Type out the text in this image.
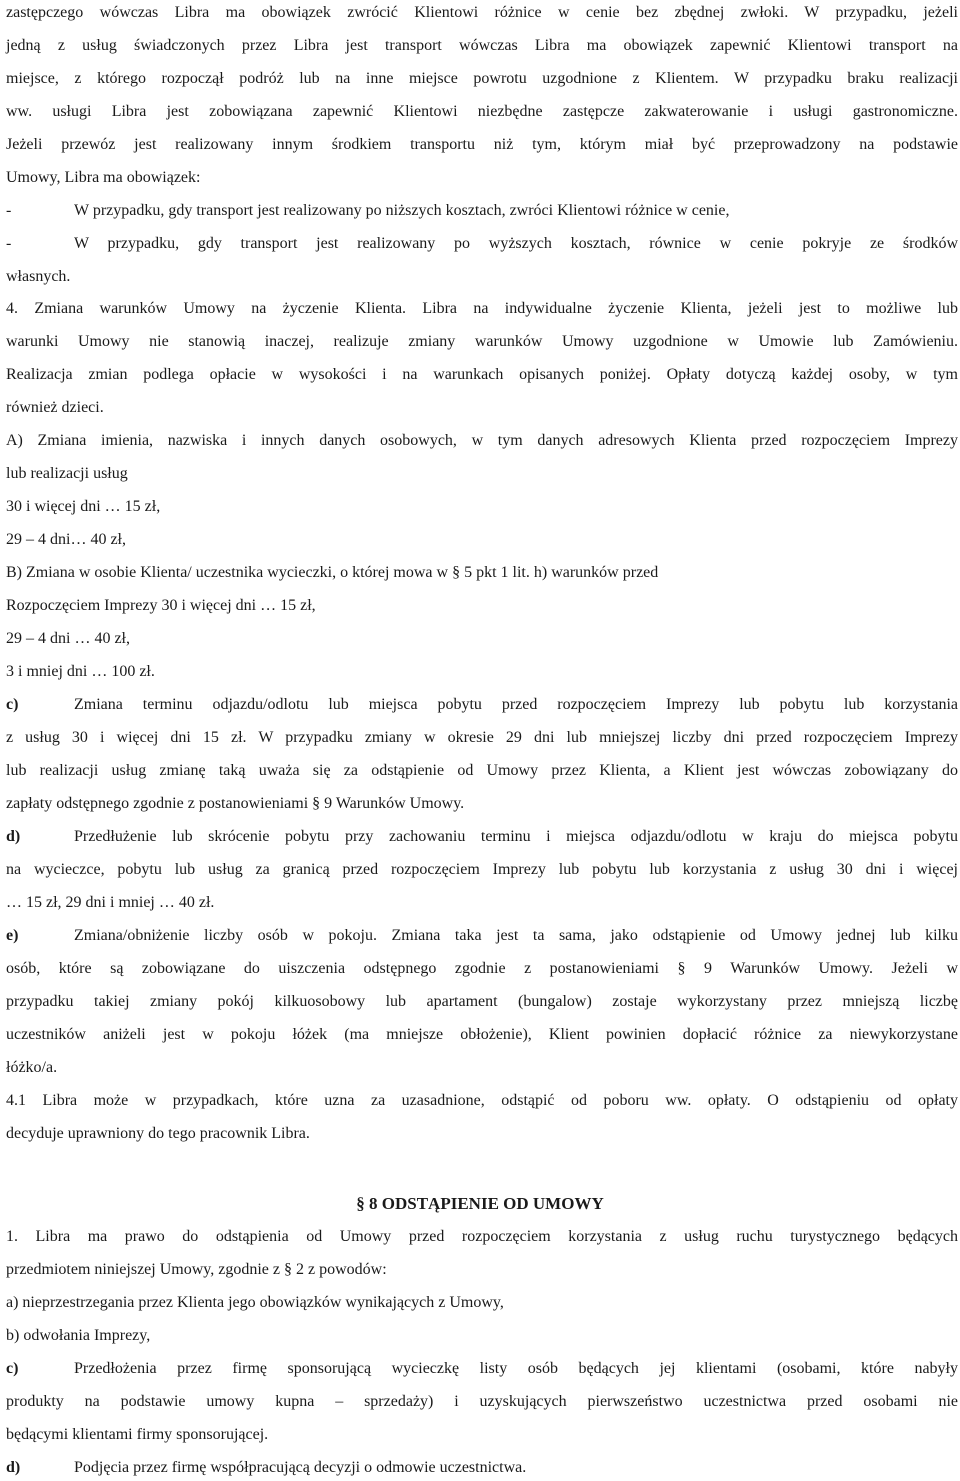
zastępczego wówczas Libra ma obowiązek zwrócić Klientowi różnice w cenie bez zbędnej zwłoki. W przypadku, jeżeli
jedną z usług świadczonych przez Libra jest transport wówczas Libra ma obowiązek zapewnić Klientowi transport na
miejsce, z którego rozpoczął podróż lub na inne miejsce powrotu uzgodnione z Klientem. W przypadku braku realizacji
ww. usługi Libra jest zobowiązana zapewnić Klientowi niezbędne zastępcze zakwaterowanie i usługi gastronomiczne.
Jeżeli przewóz jest realizowany innym środkiem transportu niż tym, którym miał być przeprowadzony na podstawie
Umowy, Libra ma obowiązek:
-	W przypadku, gdy transport jest realizowany po niższych kosztach, zwróci Klientowi różnice w cenie,
-	W przypadku, gdy transport jest realizowany po wyższych kosztach, równice w cenie pokryje ze środków
własnych.
4. Zmiana warunków Umowy na życzenie Klienta. Libra na indywidualne życzenie Klienta, jeżeli jest to możliwe lub
warunki Umowy nie stanowią inaczej, realizuje zmiany warunków Umowy uzgodnione w Umowie lub Zamówieniu.
Realizacja zmian podlega opłacie w wysokości i na warunkach opisanych poniżej. Opłaty dotyczą każdej osoby, w tym
również dzieci.
A) Zmiana imienia, nazwiska i innych danych osobowych, w tym danych adresowych Klienta przed rozpoczęciem Imprezy
lub realizacji usług
30 i więcej dni … 15 zł,
29 – 4 dni… 40 zł,
B) Zmiana w osobie Klienta/ uczestnika wycieczki, o której mowa w § 5 pkt 1 lit. h) warunków przed
Rozpoczęciem Imprezy 30 i więcej dni … 15 zł,
29 – 4 dni … 40 zł,
3 i mniej dni … 100 zł.
c)	Zmiana terminu odjazdu/odlotu lub miejsca pobytu przed rozpoczęciem Imprezy lub pobytu lub korzystania
z usług 30 i więcej dni 15 zł. W przypadku zmiany w okresie 29 dni lub mniejszej liczby dni przed rozpoczęciem Imprezy
lub realizacji usług zmianę taką uważa się za odstąpienie od Umowy przez Klienta, a Klient jest wówczas zobowiązany do
zapłaty odstępnego zgodnie z postanowieniami § 9 Warunków Umowy.
d)	Przedłużenie lub skrócenie pobytu przy zachowaniu terminu i miejsca odjazdu/odlotu w kraju do miejsca pobytu
na wycieczce, pobytu lub usług za granicą przed rozpoczęciem Imprezy lub pobytu lub korzystania z usług 30 dni i więcej
… 15 zł, 29 dni i mniej … 40 zł.
e)	Zmiana/obniżenie liczby osób w pokoju. Zmiana taka jest ta sama, jako odstąpienie od Umowy jednej lub kilku
osób, które są zobowiązane do uiszczenia odstępnego zgodnie z postanowieniami § 9 Warunków Umowy. Jeżeli w
przypadku takiej zmiany pokój kilkuosobowy lub apartament (bungalow) zostaje wykorzystany przez mniejszą liczbę
uczestników aniżeli jest w pokoju łóżek (ma mniejsze obłożenie), Klient powinien dopłacić różnice za niewykorzystane
łóżko/a.
4.1 Libra może w przypadkach, które uzna za uzasadnione, odstąpić od poboru ww. opłaty. O odstąpieniu od opłaty
decyduje uprawniony do tego pracownik Libra.
§ 8 ODSTĄPIENIE OD UMOWY
1. Libra ma prawo do odstąpienia od Umowy przed rozpoczęciem korzystania z usług ruchu turystycznego będących
przedmiotem niniejszej Umowy, zgodnie z § 2 z powodów:
a) nieprzestrzegania przez Klienta jego obowiązków wynikających z Umowy,
b) odwołania Imprezy,
c)	Przedłożenia przez firmę sponsorującą wycieczkę listy osób będących jej klientami (osobami, które nabyły
produkty na podstawie umowy kupna – sprzedaży) i uzyskujących pierwszeństwo uczestnictwa przed osobami nie
będącymi klientami firmy sponsorującej.
d)	Podjęcia przez firmę współpracującą decyzji o odmowie uczestnictwa.
